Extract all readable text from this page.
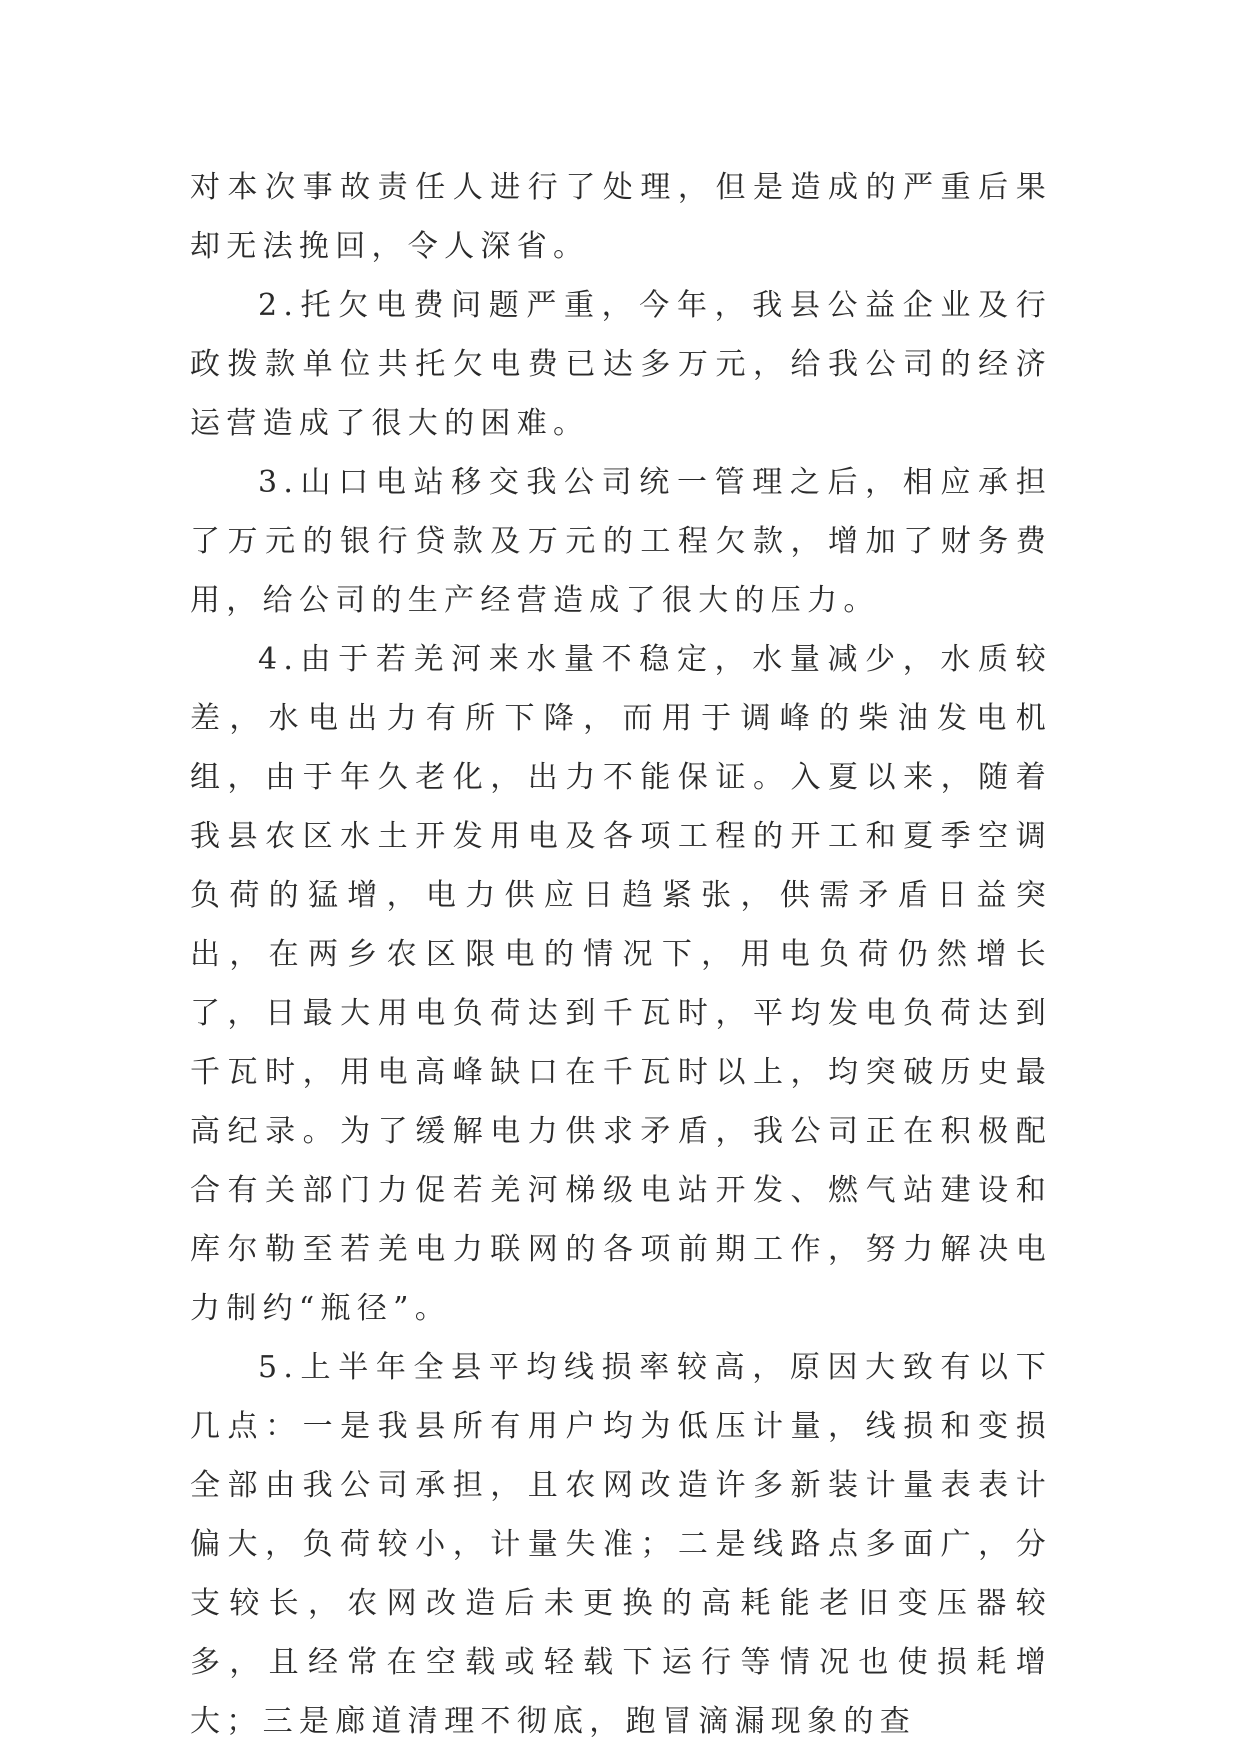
对本次事故责任人进行了处理，但是造成的严重后果却无法挽回，令人深省。

2.托欠电费问题严重，今年，我县公益企业及行政拨款单位共托欠电费已达多万元，给我公司的经济运营造成了很大的困难。

3.山口电站移交我公司统一管理之后，相应承担了万元的银行贷款及万元的工程欠款，增加了财务费用，给公司的生产经营造成了很大的压力。

4.由于若羌河来水量不稳定，水量减少，水质较差，水电出力有所下降，而用于调峰的柴油发电机组，由于年久老化，出力不能保证。入夏以来，随着我县农区水土开发用电及各项工程的开工和夏季空调负荷的猛增，电力供应日趋紧张，供需矛盾日益突出，在两乡农区限电的情况下，用电负荷仍然增长了，日最大用电负荷达到千瓦时，平均发电负荷达到千瓦时，用电高峰缺口在千瓦时以上，均突破历史最高纪录。为了缓解电力供求矛盾，我公司正在积极配合有关部门力促若羌河梯级电站开发、燃气站建设和库尔勒至若羌电力联网的各项前期工作，努力解决电力制约“瓶径”。

5.上半年全县平均线损率较高，原因大致有以下几点：一是我县所有用户均为低压计量，线损和变损全部由我公司承担，且农网改造许多新装计量表表计偏大，负荷较小，计量失准；二是线路点多面广，分支较长，农网改造后未更换的高耗能老旧变压器较多，且经常在空载或轻载下运行等情况也使损耗增大；三是廊道清理不彻底，跑冒滴漏现象的查
